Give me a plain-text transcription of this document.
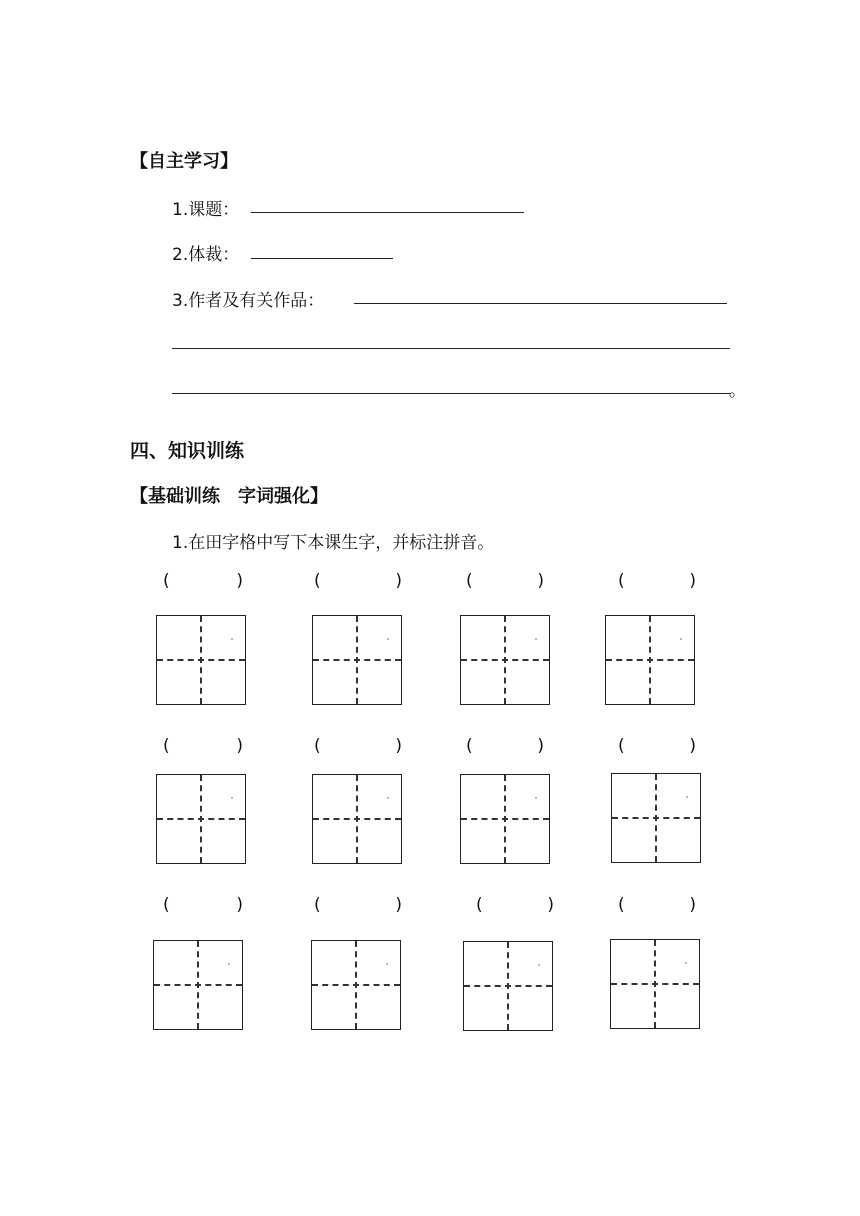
【自主学习】
1.课题：
2.体裁：
3.作者及有关作品：
。
四、知识训练
【基础训练　字词强化】
1.在田字格中写下本课生字，并标注拼音。
(	)	(	)	(	)	(	)
(	)	(	)	(	)	(	)
(	)	(	)	(	)	(	)
